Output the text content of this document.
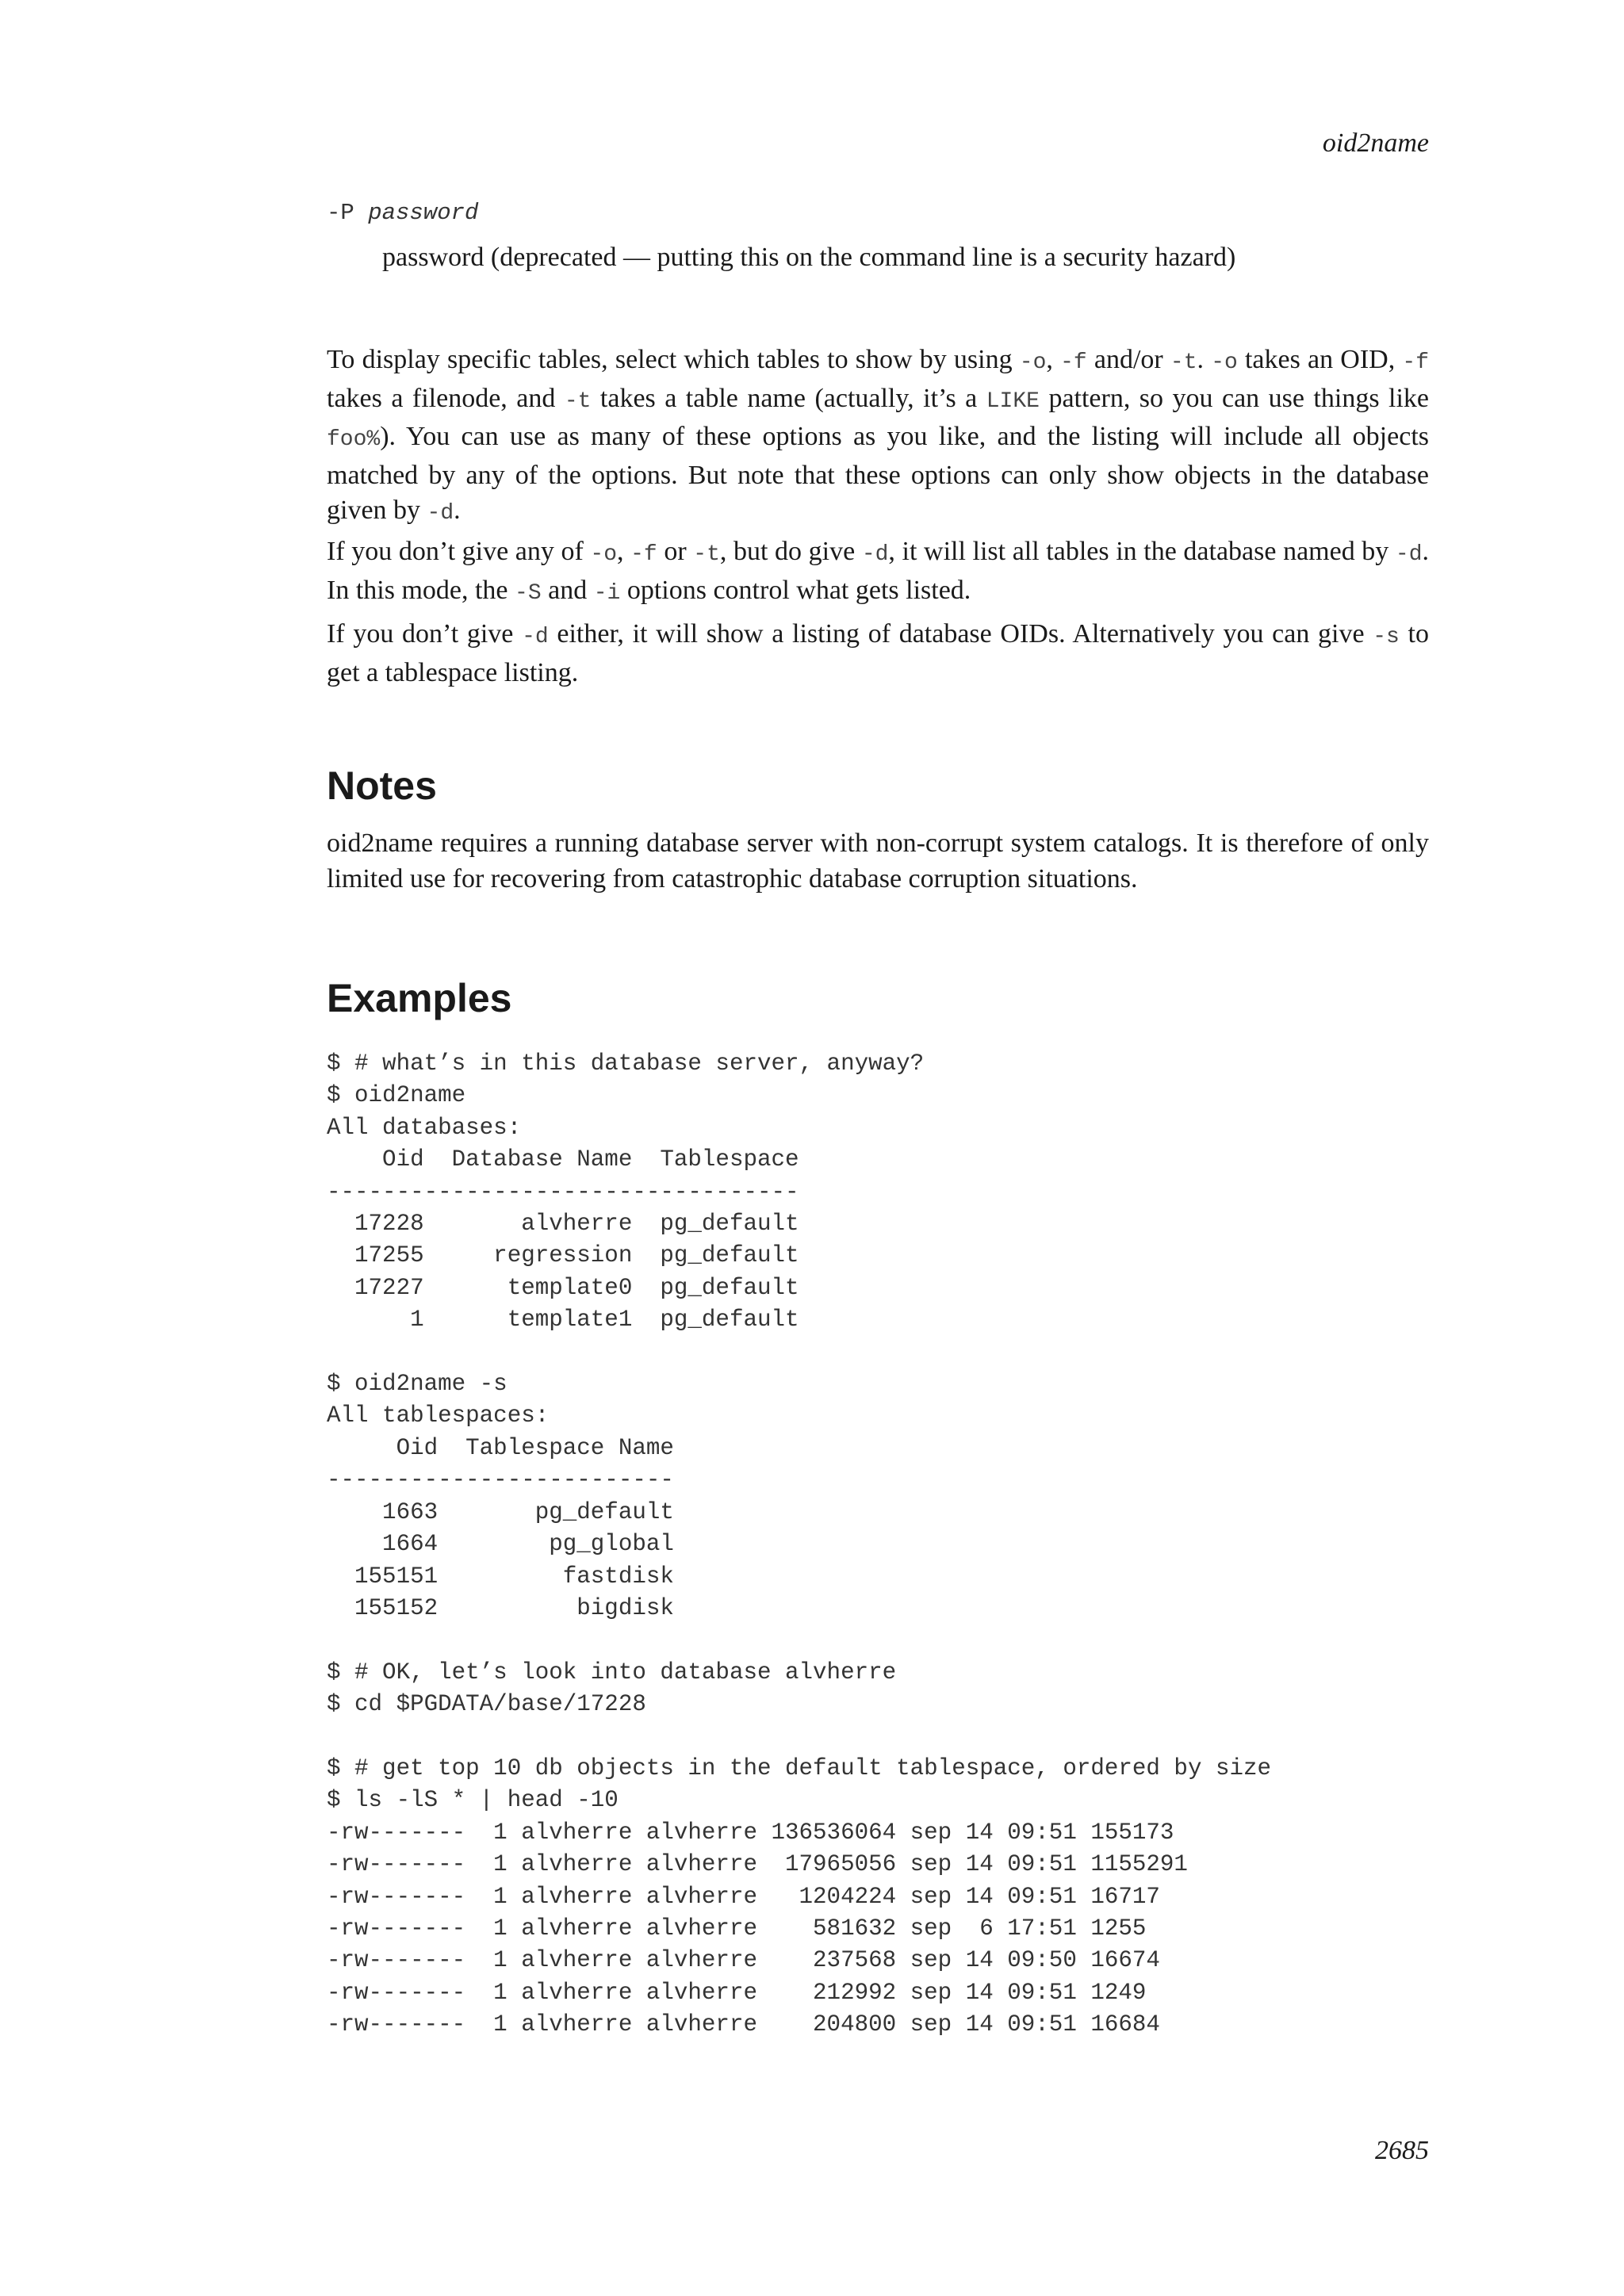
oid2name
-P password
password (deprecated — putting this on the command line is a security hazard)

To display specific tables, select which tables to show by using -o, -f and/or -t. -o takes an OID, -f takes a filenode, and -t takes a table name (actually, it’s a LIKE pattern, so you can use things like foo%). You can use as many of these options as you like, and the listing will include all objects matched by any of the options. But note that these options can only show objects in the database given by -d.

If you don’t give any of -o, -f or -t, but do give -d, it will list all tables in the database named by -d. In this mode, the -S and -i options control what gets listed.

If you don’t give -d either, it will show a listing of database OIDs. Alternatively you can give -s to get a tablespace listing.

Notes

oid2name requires a running database server with non-corrupt system catalogs. It is therefore of only limited use for recovering from catastrophic database corruption situations.

Examples
$ # what’s in this database server, anyway?
$ oid2name
All databases:
Oid  Database Name  Tablespace
----------------------------------
17228       alvherre  pg_default
17255     regression  pg_default
17227      template0  pg_default
1      template1  pg_default

$ oid2name -s
All tablespaces:
Oid  Tablespace Name
-------------------------
1663       pg_default
1664        pg_global
155151         fastdisk
155152          bigdisk

$ # OK, let’s look into database alvherre
$ cd $PGDATA/base/17228

$ # get top 10 db objects in the default tablespace, ordered by size
$ ls -lS * | head -10
-rw-------  1 alvherre alvherre 136536064 sep 14 09:51 155173
-rw-------  1 alvherre alvherre  17965056 sep 14 09:51 1155291
-rw-------  1 alvherre alvherre   1204224 sep 14 09:51 16717
-rw-------  1 alvherre alvherre    581632 sep  6 17:51 1255
-rw-------  1 alvherre alvherre    237568 sep 14 09:50 16674
-rw-------  1 alvherre alvherre    212992 sep 14 09:51 1249
-rw-------  1 alvherre alvherre    204800 sep 14 09:51 16684
2685
